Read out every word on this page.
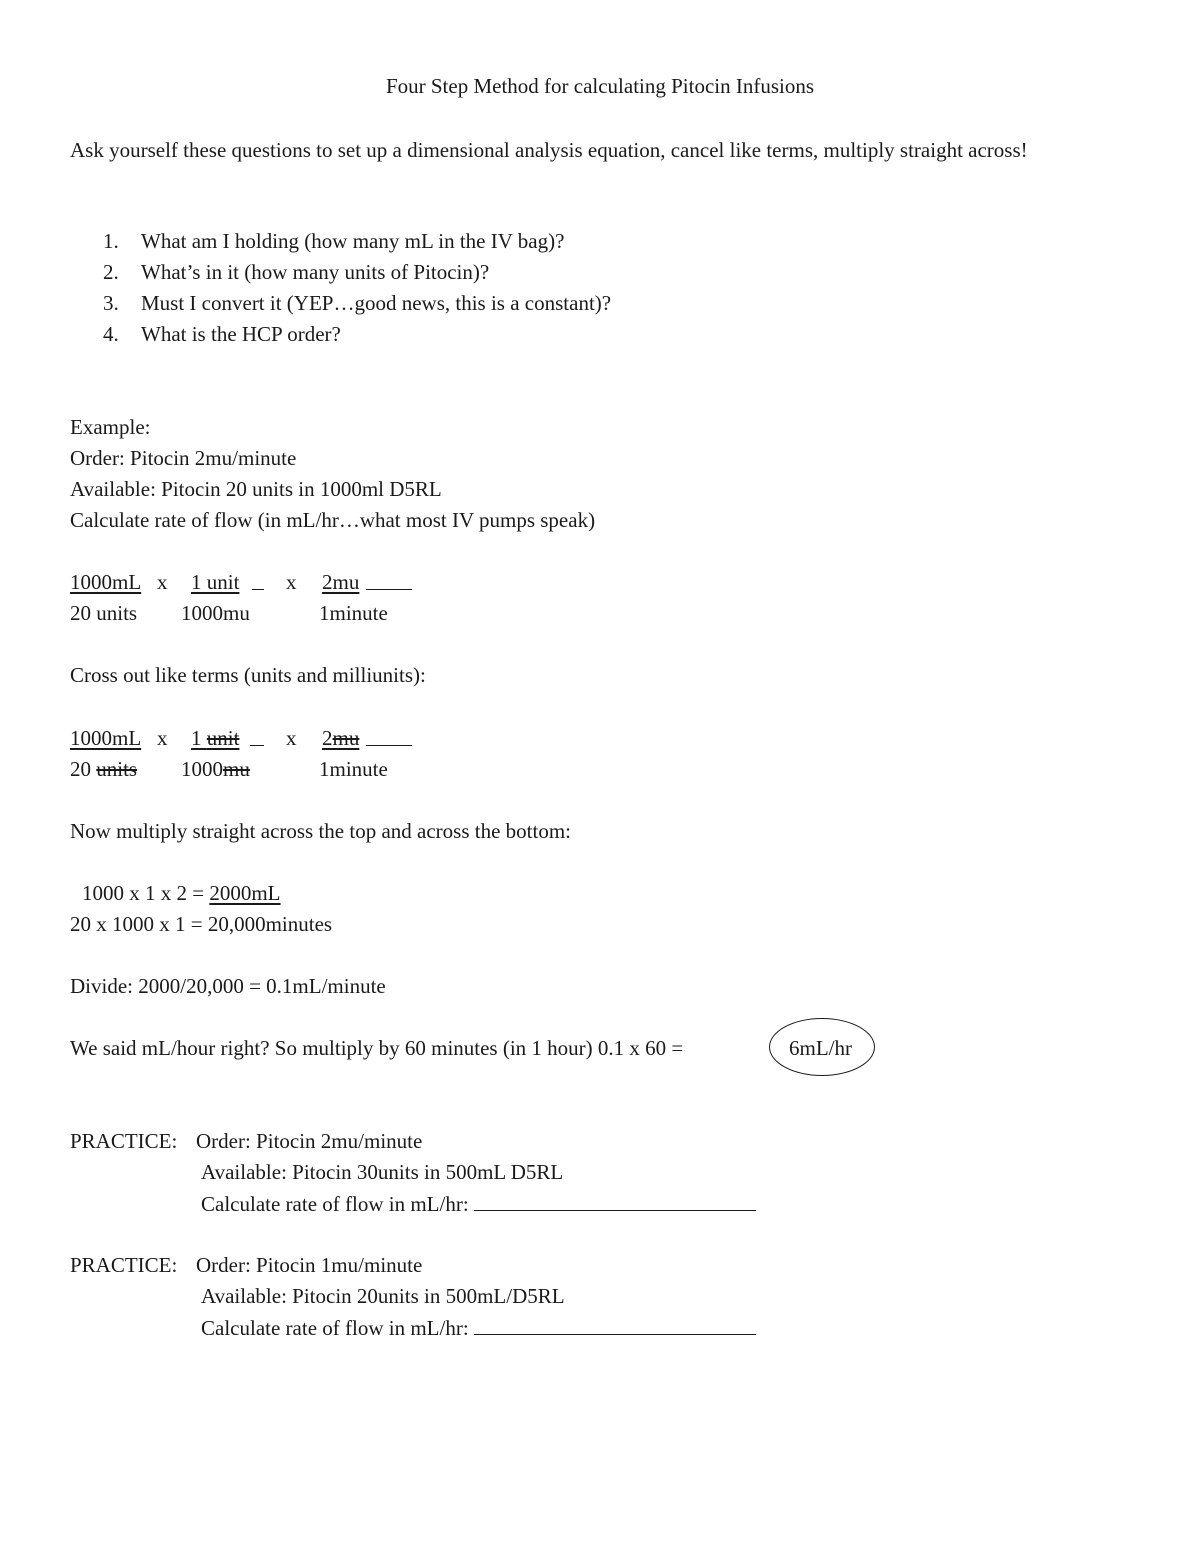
Four Step Method for calculating Pitocin Infusions
Ask yourself these questions to set up a dimensional analysis equation, cancel like terms, multiply straight across!
1. What am I holding (how many mL in the IV bag)?
2. What’s in it (how many units of Pitocin)?
3. Must I convert it (YEP…good news, this is a constant)?
4. What is the HCP order?
Example:
Order: Pitocin 2mu/minute
Available: Pitocin 20 units in 1000ml D5RL
Calculate rate of flow (in mL/hr…what most IV pumps speak)
1000mL x 1 unit x 2mu
20 units 1000mu	1minute
Cross out like terms (units and milliunits):
1000mL x 1 unit x 2mu
20 units 1000mu	1minute
Now multiply straight across the top and across the bottom:
1000 x 1 x 2 = 2000mL
20 x 1000 x 1 = 20,000minutes
Divide: 2000/20,000 = 0.1mL/minute
We said mL/hour right? So multiply by 60 minutes (in 1 hour) 0.1 x 60 =	6mL/hr
PRACTICE: Order: Pitocin 2mu/minute
Available: Pitocin 30units in 500mL D5RL
Calculate rate of flow in mL/hr:
PRACTICE: Order: Pitocin 1mu/minute
Available: Pitocin 20units in 500mL/D5RL
Calculate rate of flow in mL/hr:
